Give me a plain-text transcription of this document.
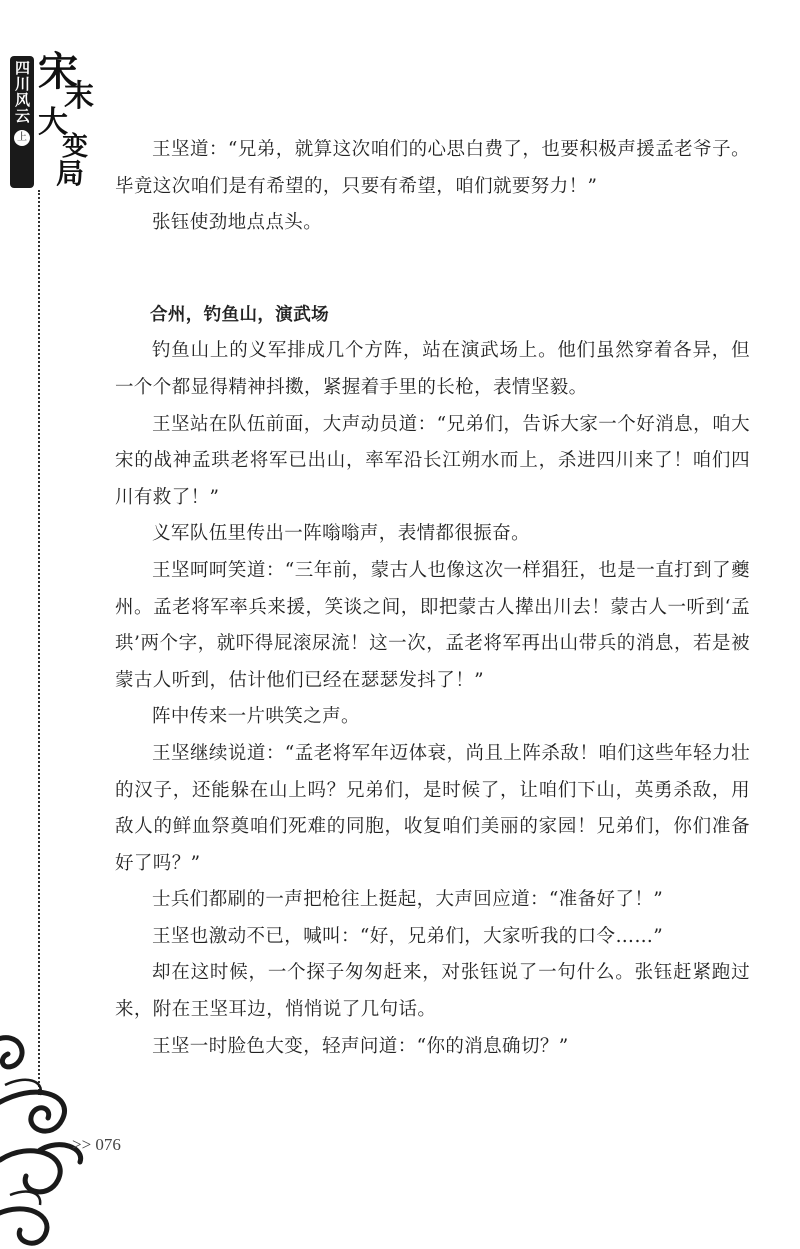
四川风云
上
宋
末
大
变
局

王坚道：“兄弟，就算这次咱们的心思白费了，也要积极声援孟老爷子。毕竟这次咱们是有希望的，只要有希望，咱们就要努力！”

张钰使劲地点点头。

合州，钓鱼山，演武场

钓鱼山上的义军排成几个方阵，站在演武场上。他们虽然穿着各异，但一个个都显得精神抖擞，紧握着手里的长枪，表情坚毅。

王坚站在队伍前面，大声动员道：“兄弟们，告诉大家一个好消息，咱大宋的战神孟珙老将军已出山，率军沿长江朔水而上，杀进四川来了！咱们四川有救了！”

义军队伍里传出一阵嗡嗡声，表情都很振奋。

王坚呵呵笑道：“三年前，蒙古人也像这次一样猖狂，也是一直打到了夔州。孟老将军率兵来援，笑谈之间，即把蒙古人撵出川去！蒙古人一听到‘孟珙’两个字，就吓得屁滚尿流！这一次，孟老将军再出山带兵的消息，若是被蒙古人听到，估计他们已经在瑟瑟发抖了！”

阵中传来一片哄笑之声。

王坚继续说道：“孟老将军年迈体衰，尚且上阵杀敌！咱们这些年轻力壮的汉子，还能躲在山上吗？兄弟们，是时候了，让咱们下山，英勇杀敌，用敌人的鲜血祭奠咱们死难的同胞，收复咱们美丽的家园！兄弟们，你们准备好了吗？”

士兵们都刷的一声把枪往上挺起，大声回应道：“准备好了！”

王坚也激动不已，喊叫：“好，兄弟们，大家听我的口令……”

却在这时候，一个探子匆匆赶来，对张钰说了一句什么。张钰赶紧跑过来，附在王坚耳边，悄悄说了几句话。

王坚一时脸色大变，轻声问道：“你的消息确切？”

>> 076
